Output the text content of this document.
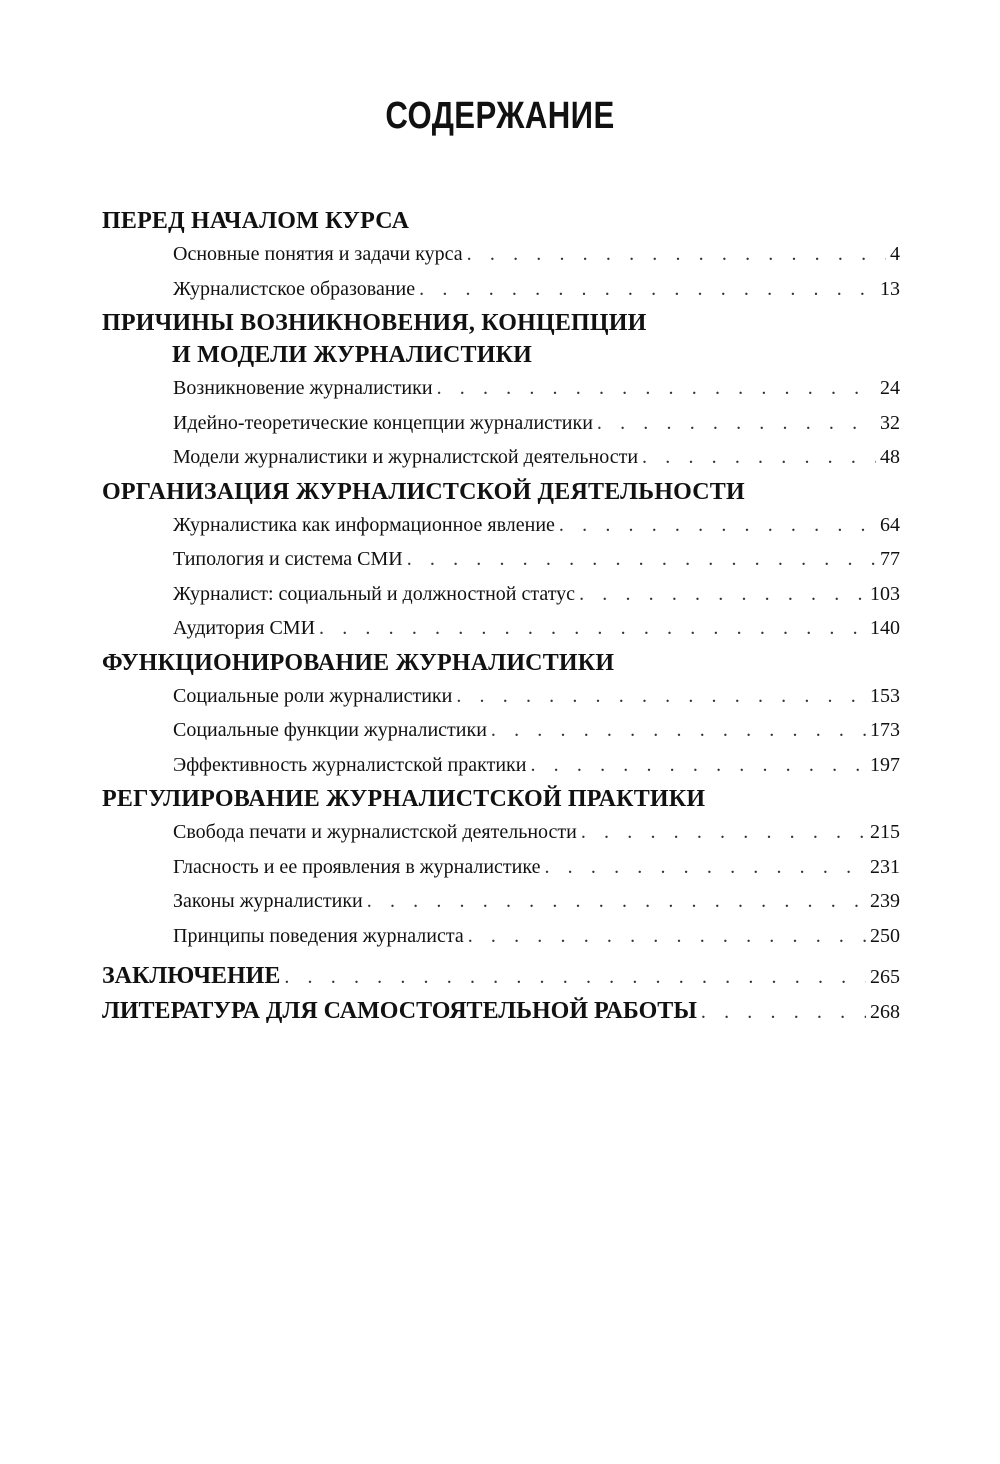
СОДЕРЖАНИЕ
ПЕРЕД НАЧАЛОМ КУРСА
Основные понятия и задачи курса . . .	4
Журналистское образование . . .	13
ПРИЧИНЫ ВОЗНИКНОВЕНИЯ, КОНЦЕПЦИИ
И МОДЕЛИ ЖУРНАЛИСТИКИ
Возникновение журналистики . . .	24
Идейно-теоретические концепции журналистики . . .	32
Модели журналистики и журналистской деятельности . . .	48
ОРГАНИЗАЦИЯ ЖУРНАЛИСТСКОЙ ДЕЯТЕЛЬНОСТИ
Журналистика как информационное явление . . .	64
Типология и система СМИ . . .	77
Журналист: социальный и должностной статус . . .	103
Аудитория СМИ . . .	140
ФУНКЦИОНИРОВАНИЕ ЖУРНАЛИСТИКИ
Социальные роли журналистики . . .	153
Социальные функции журналистики . . .	173
Эффективность журналистской практики . . .	197
РЕГУЛИРОВАНИЕ ЖУРНАЛИСТСКОЙ ПРАКТИКИ
Свобода печати и журналистской деятельности . . .	215
Гласность и ее проявления в журналистике . . .	231
Законы журналистики . . .	239
Принципы поведения журналиста . . .	250
ЗАКЛЮЧЕНИЕ . . .	265
ЛИТЕРАТУРА ДЛЯ САМОСТОЯТЕЛЬНОЙ РАБОТЫ . . .	268
